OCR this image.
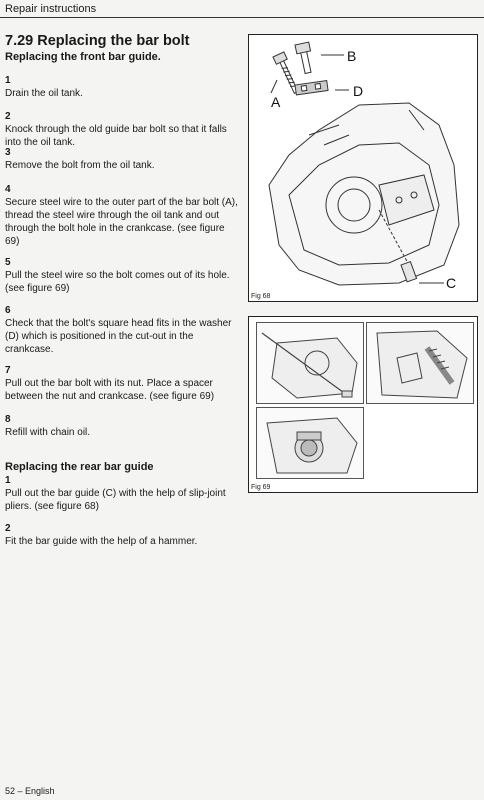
Repair instructions
7.29 Replacing the bar bolt
Replacing the front bar guide.
1
Drain the oil tank.
2
Knock through the old guide bar bolt so that it falls into the oil tank.
3
Remove the bolt from the oil tank.
4
Secure steel wire to the outer part of the bar bolt (A), thread the steel wire through the oil tank and out through the bolt hole in the crankcase. (see figure 69)
5
Pull the steel wire so the bolt comes out of its hole. (see figure 69)
6
Check that the bolt's square head fits in the washer (D) which is positioned in the cut-out in the crankcase.
7
Pull out the bar bolt with its nut. Place a spacer between the nut and crankcase. (see figure 69)
8
Refill with chain oil.
Replacing the rear bar guide
1
Pull out the bar guide (C) with the help of slip-joint pliers. (see figure 68)
2
Fit the bar guide with the help of a hammer.
A
B
D
C
Fig 68
Fig 69
52 – English
